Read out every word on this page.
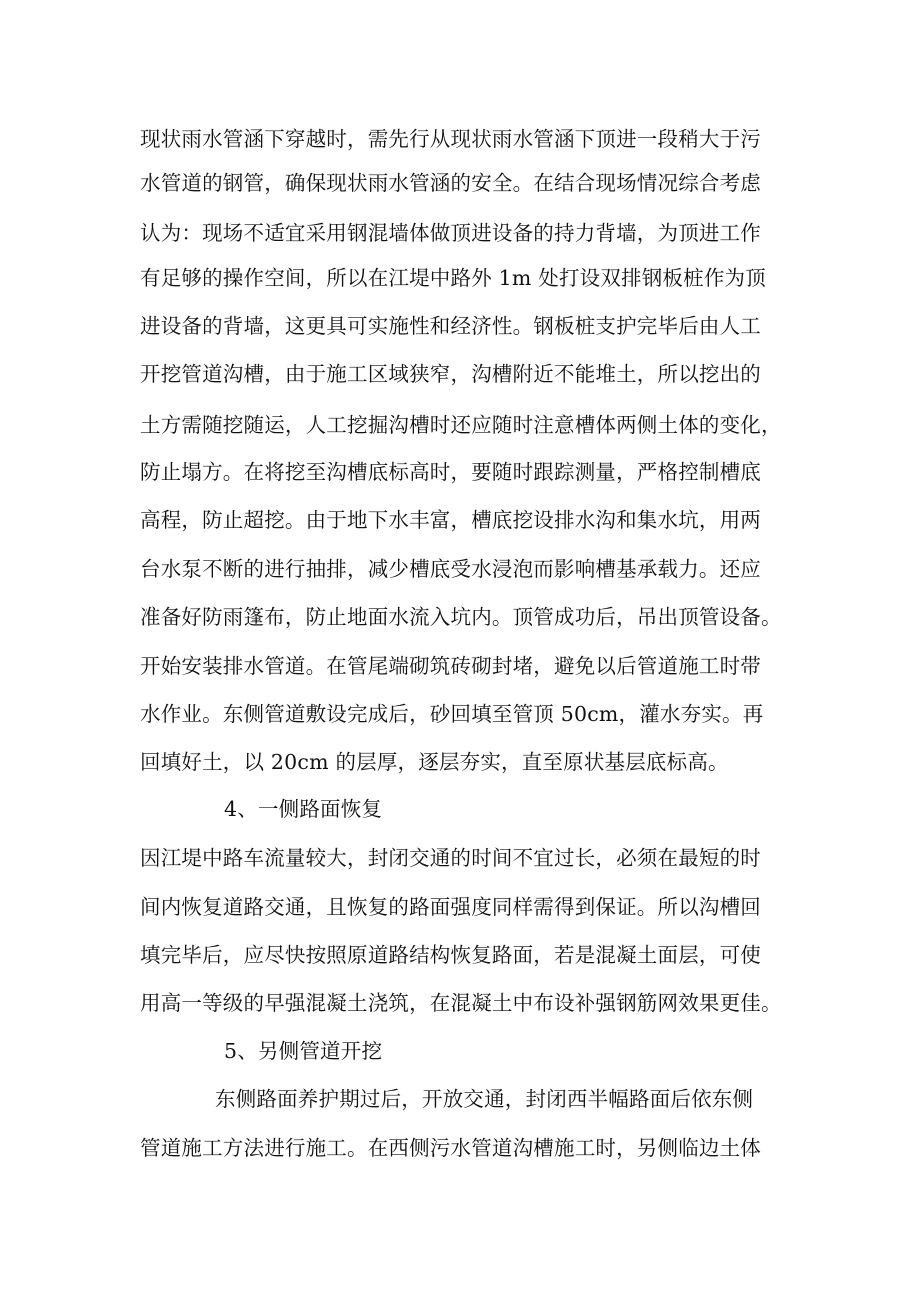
现状雨水管涵下穿越时，需先行从现状雨水管涵下顶进一段稍大于污
水管道的钢管，确保现状雨水管涵的安全。在结合现场情况综合考虑
认为：现场不适宜采用钢混墙体做顶进设备的持力背墙，为顶进工作
有足够的操作空间，所以在江堤中路外 1m 处打设双排钢板桩作为顶
进设备的背墙，这更具可实施性和经济性。钢板桩支护完毕后由人工
开挖管道沟槽，由于施工区域狭窄，沟槽附近不能堆土，所以挖出的
土方需随挖随运，人工挖掘沟槽时还应随时注意槽体两侧土体的变化，
防止塌方。在将挖至沟槽底标高时，要随时跟踪测量，严格控制槽底
高程，防止超挖。由于地下水丰富，槽底挖设排水沟和集水坑，用两
台水泵不断的进行抽排，减少槽底受水浸泡而影响槽基承载力。还应
准备好防雨篷布，防止地面水流入坑内。顶管成功后，吊出顶管设备。
开始安装排水管道。在管尾端砌筑砖砌封堵，避免以后管道施工时带
水作业。东侧管道敷设完成后，砂回填至管顶 50cm，灌水夯实。再
回填好土，以 20cm 的层厚，逐层夯实，直至原状基层底标高。
4、一侧路面恢复
因江堤中路车流量较大，封闭交通的时间不宜过长，必须在最短的时
间内恢复道路交通，且恢复的路面强度同样需得到保证。所以沟槽回
填完毕后，应尽快按照原道路结构恢复路面，若是混凝土面层，可使
用高一等级的早强混凝土浇筑，在混凝土中布设补强钢筋网效果更佳。
5、另侧管道开挖
东侧路面养护期过后，开放交通，封闭西半幅路面后依东侧
管道施工方法进行施工。在西侧污水管道沟槽施工时，另侧临边土体
